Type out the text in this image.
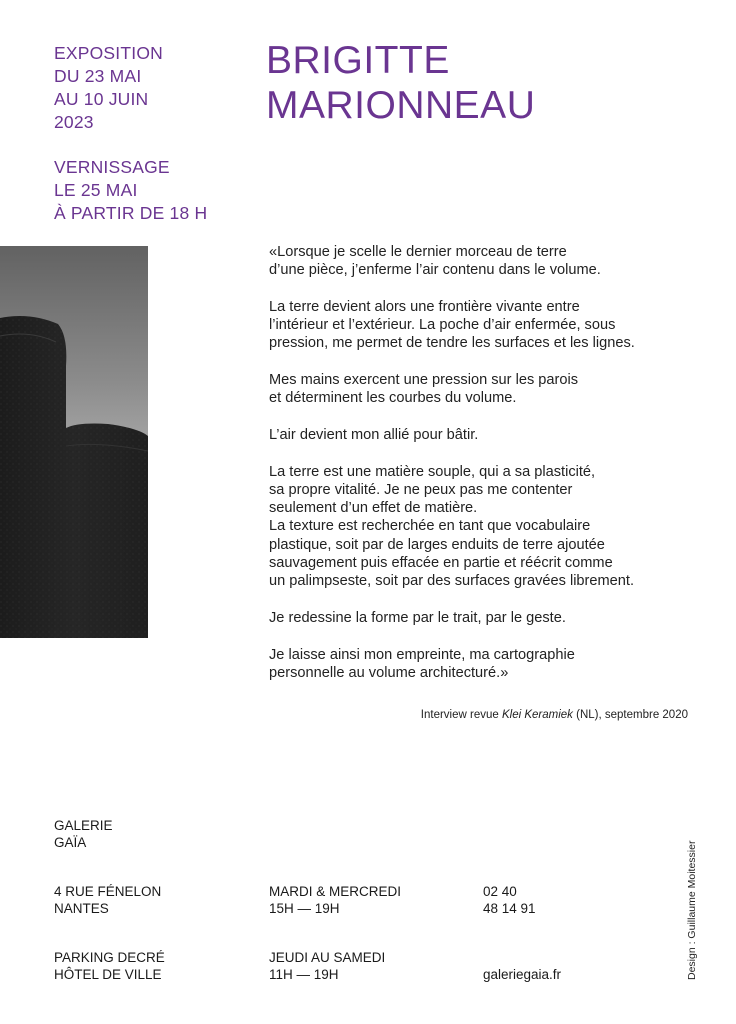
EXPOSITION
DU 23 MAI
AU 10 JUIN
2023
VERNISSAGE
LE 25 MAI
À PARTIR DE 18 H
BRIGITTE
MARIONNEAU

«Lorsque je scelle le dernier morceau de terre
d’une pièce, j’enferme l’air contenu dans le volume.

La terre devient alors une frontière vivante entre
l’intérieur et l’extérieur. La poche d’air enfermée, sous
pression, me permet de tendre les surfaces et les lignes.

Mes mains exercent une pression sur les parois
et déterminent les courbes du volume.

L’air devient mon allié pour bâtir.

La terre est une matière souple, qui a sa plasticité,
sa propre vitalité. Je ne peux pas me contenter
seulement d’un effet de matière.

La texture est recherchée en tant que vocabulaire
plastique, soit par de larges enduits de terre ajoutée
sauvagement puis effacée en partie et réécrit comme
un palimpseste, soit par des surfaces gravées librement.

Je redessine la forme par le trait, par le geste.

Je laisse ainsi mon empreinte, ma cartographie
personnelle au volume architecturé.»

Interview revue Klei Keramiek (NL), septembre 2020
GALERIE
GAÏA
4 RUE FÉNELON
NANTES
PARKING DECRÉ
HÔTEL DE VILLE
MARDI & MERCREDI
15H — 19H
JEUDI AU SAMEDI
11H — 19H
02 40
48 14 91
galeriegaia.fr	Design : Guillaume Moitessier
